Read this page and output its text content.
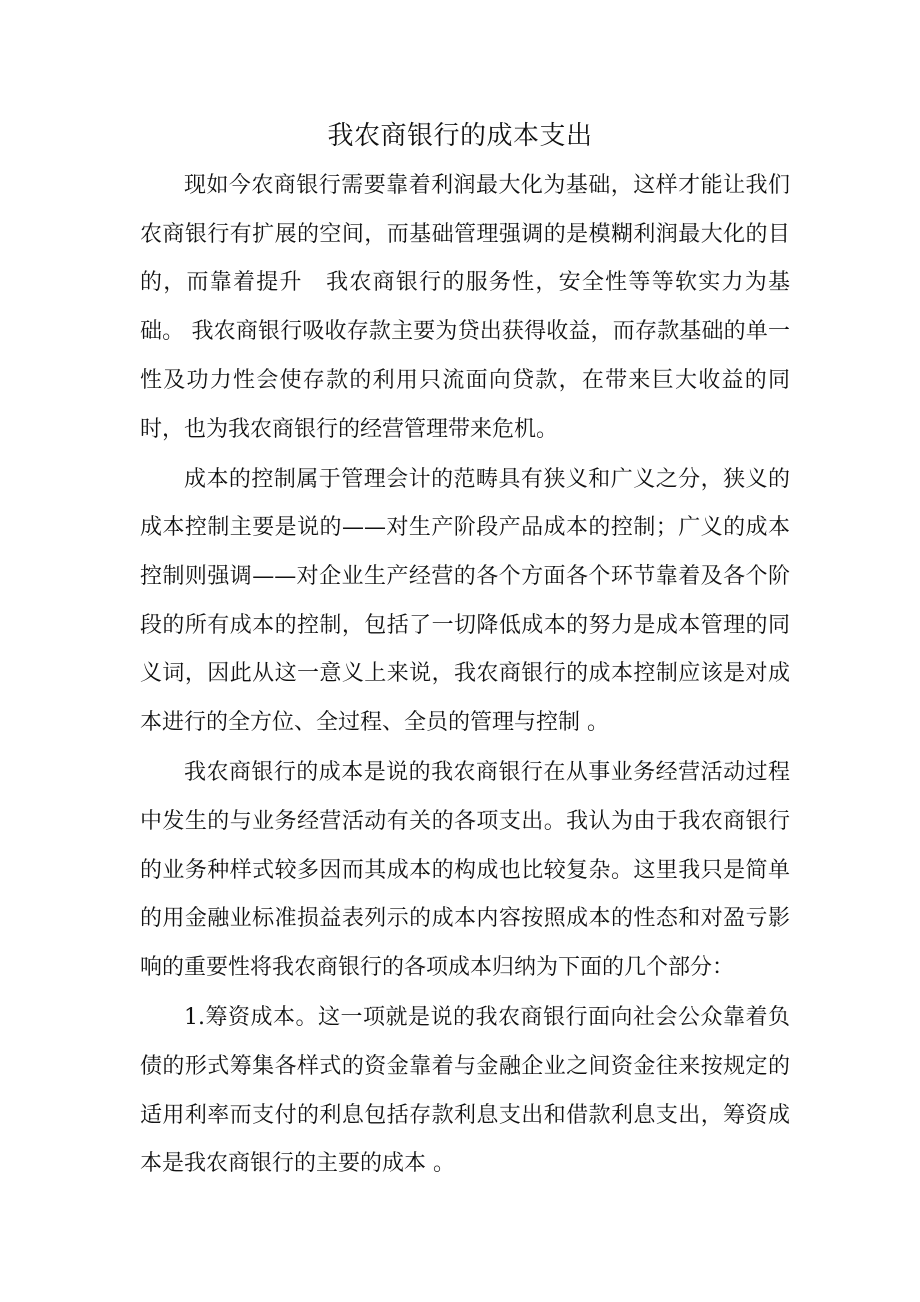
我农商银行的成本支出

现如今农商银行需要靠着利润最大化为基础，这样才能让我们农商银行有扩展的空间，而基础管理强调的是模糊利润最大化的目的，而靠着提升　我农商银行的服务性，安全性等等软实力为基础。 我农商银行吸收存款主要为贷出获得收益，而存款基础的单一性及功力性会使存款的利用只流面向贷款，在带来巨大收益的同时，也为我农商银行的经营管理带来危机。

成本的控制属于管理会计的范畴具有狭义和广义之分，狭义的成本控制主要是说的——对生产阶段产品成本的控制；广义的成本控制则强调——对企业生产经营的各个方面各个环节靠着及各个阶段的所有成本的控制，包括了一切降低成本的努力是成本管理的同义词，因此从这一意义上来说，我农商银行的成本控制应该是对成本进行的全方位、全过程、全员的管理与控制 。

我农商银行的成本是说的我农商银行在从事业务经营活动过程中发生的与业务经营活动有关的各项支出。我认为由于我农商银行的业务种样式较多因而其成本的构成也比较复杂。这里我只是简单的用金融业标准损益表列示的成本内容按照成本的性态和对盈亏影响的重要性将我农商银行的各项成本归纳为下面的几个部分：

1.筹资成本。这一项就是说的我农商银行面向社会公众靠着负债的形式筹集各样式的资金靠着与金融企业之间资金往来按规定的适用利率而支付的利息包括存款利息支出和借款利息支出，筹资成本是我农商银行的主要的成本 。
